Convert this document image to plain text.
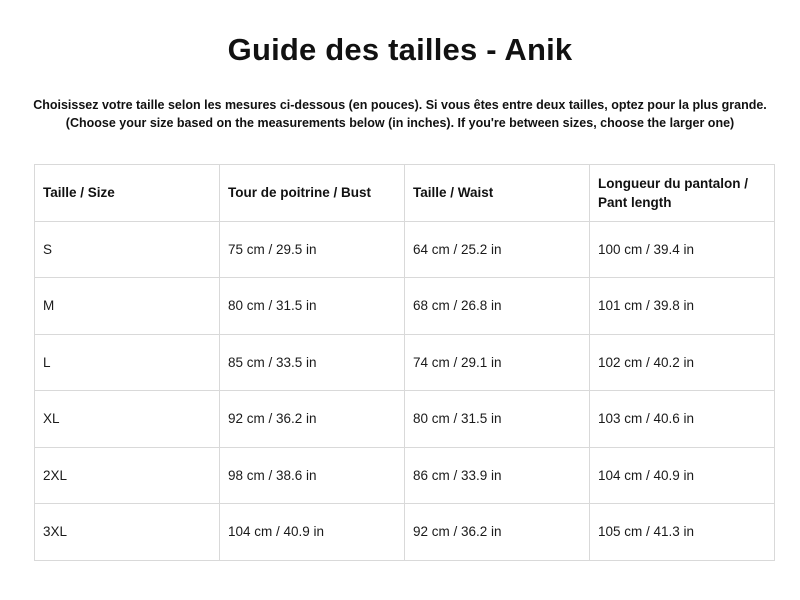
Guide des tailles - Anik
Choisissez votre taille selon les mesures ci-dessous (en pouces). Si vous êtes entre deux tailles, optez pour la plus grande.
(Choose your size based on the measurements below (in inches). If you're between sizes, choose the larger one)
Taille / Size	Tour de poitrine / Bust	Taille / Waist	Longueur du pantalon / Pant length
S	75 cm / 29.5 in	64 cm / 25.2 in	100 cm / 39.4 in
M	80 cm / 31.5 in	68 cm / 26.8 in	101 cm / 39.8 in
L	85 cm / 33.5 in	74 cm / 29.1 in	102 cm / 40.2 in
XL	92 cm / 36.2 in	80 cm / 31.5 in	103 cm / 40.6 in
2XL	98 cm / 38.6 in	86 cm / 33.9 in	104 cm / 40.9 in
3XL	104 cm / 40.9 in	92 cm / 36.2 in	105 cm / 41.3 in
